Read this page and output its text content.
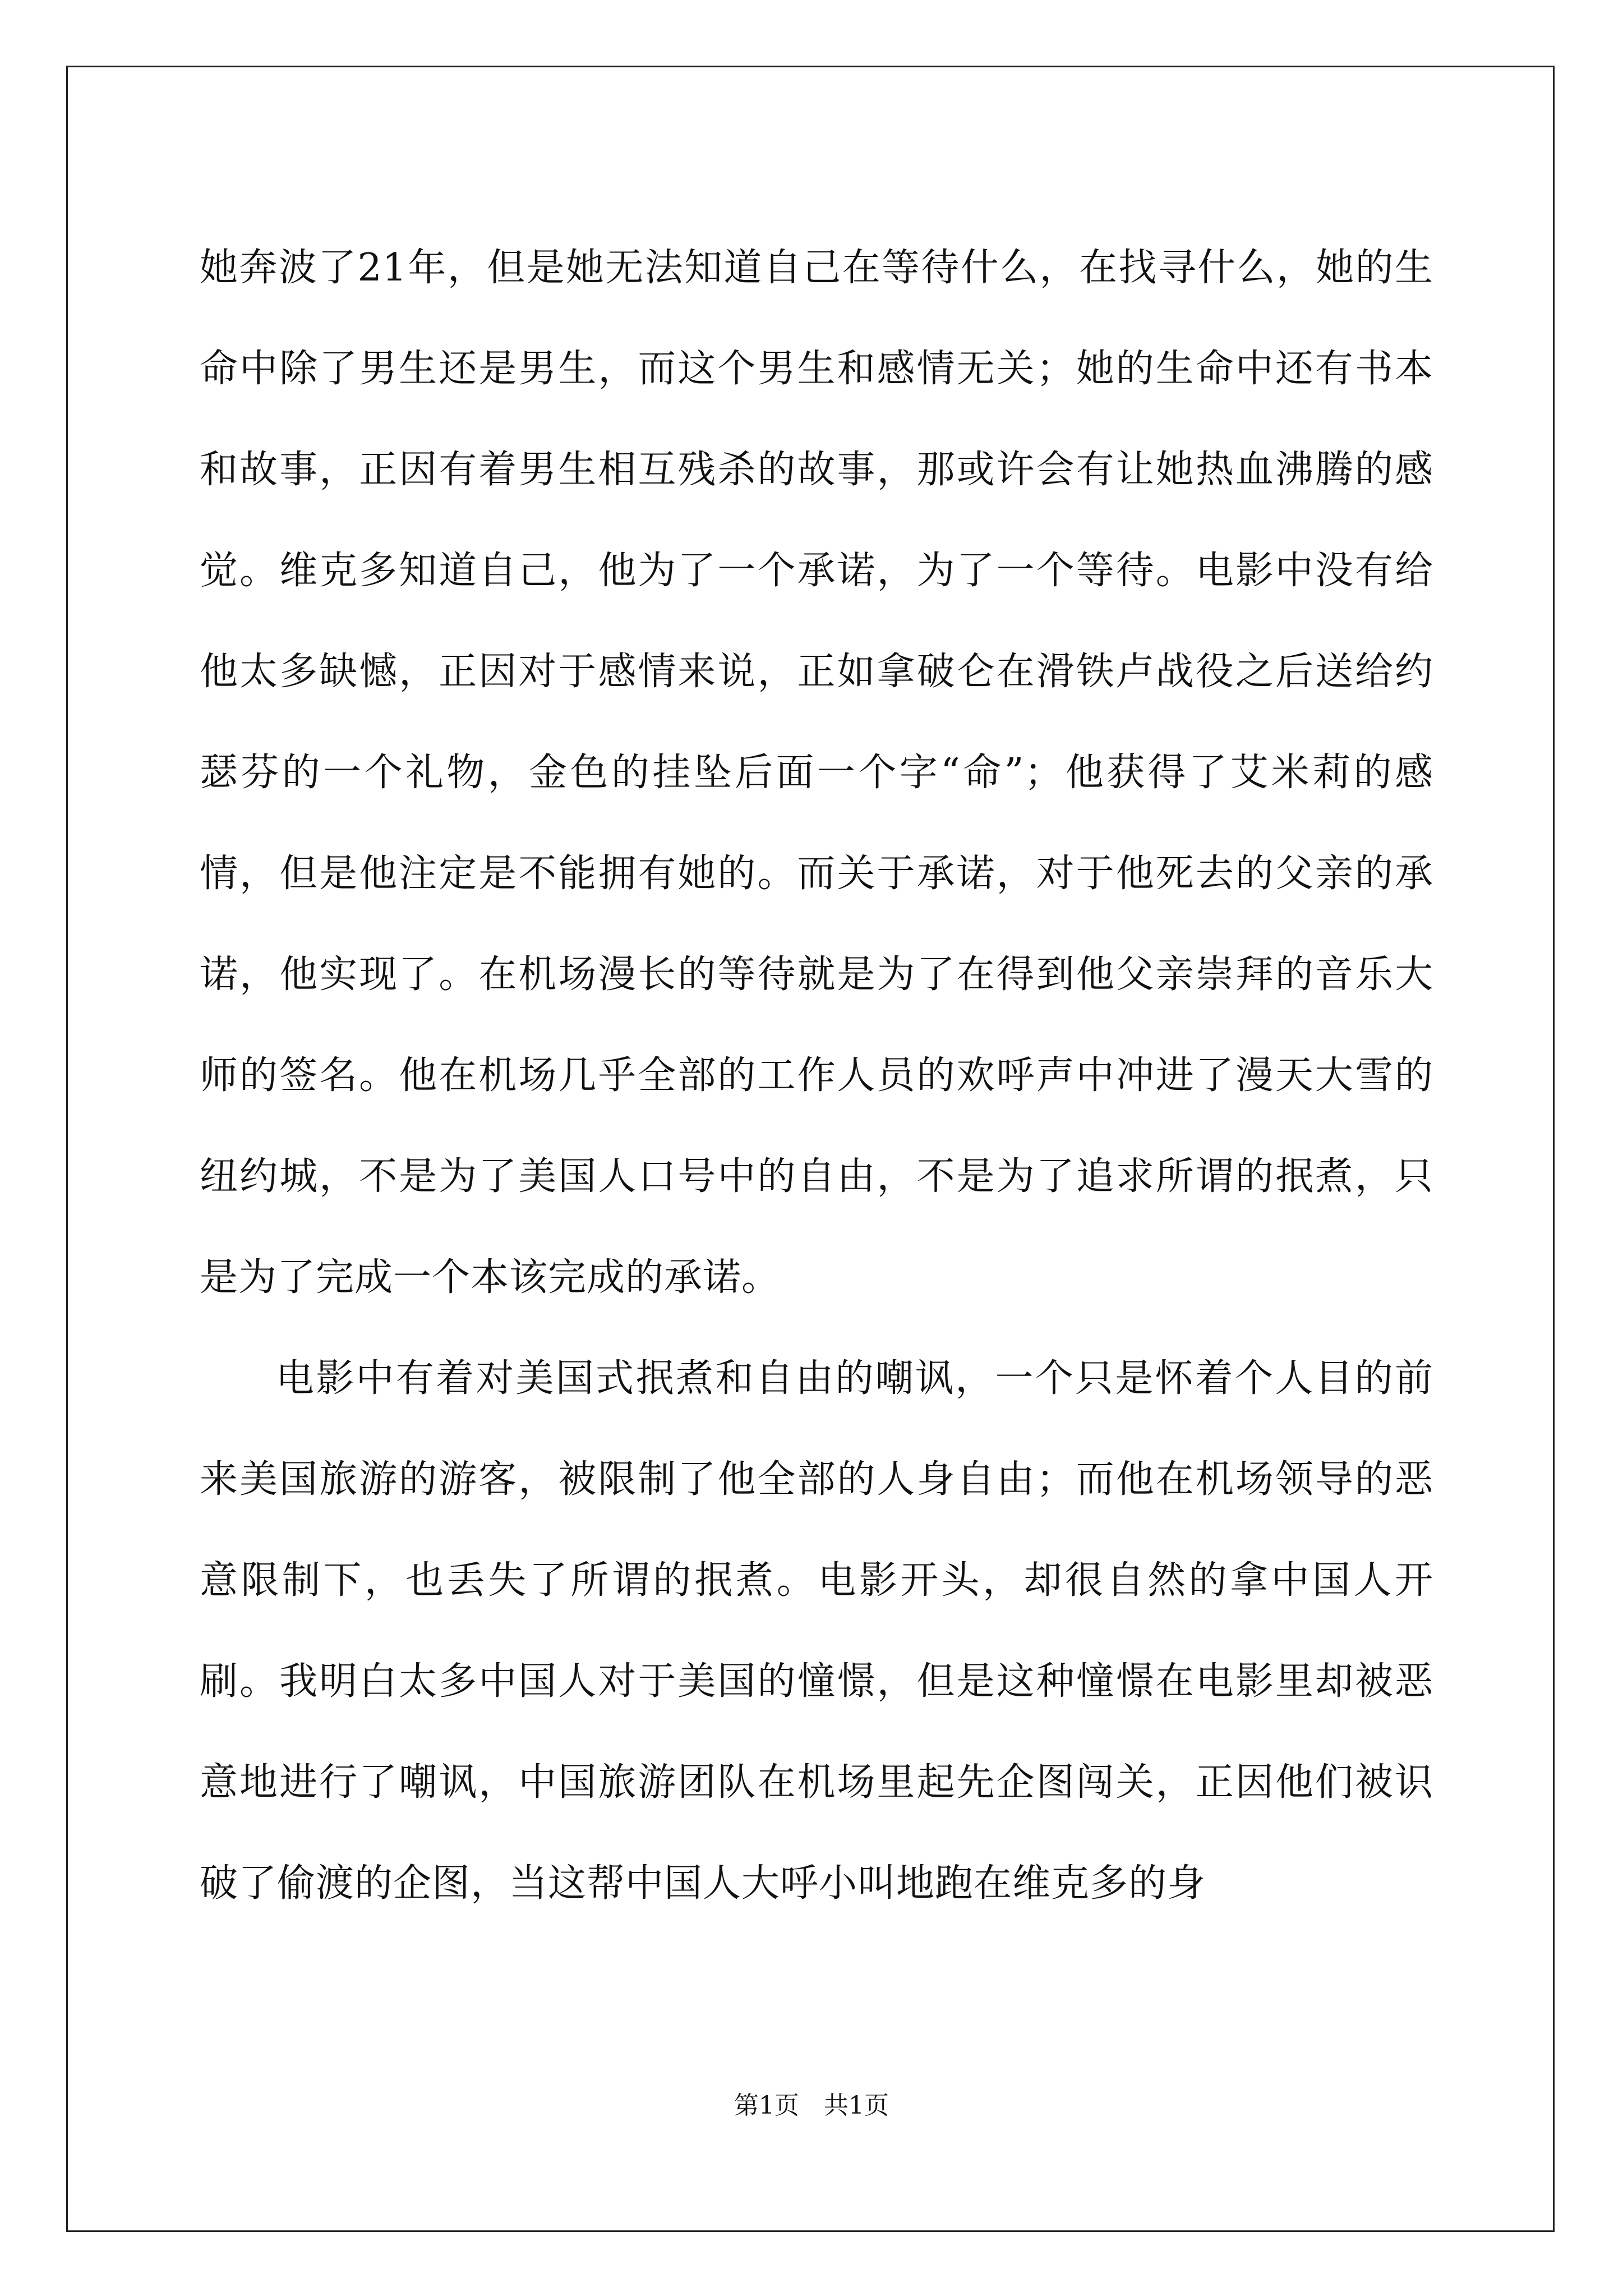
她奔波了21年，但是她无法知道自己在等待什么，在找寻什么，她的生命中除了男生还是男生，而这个男生和感情无关；她的生命中还有书本和故事，正因有着男生相互残杀的故事，那或许会有让她热血沸腾的感觉。维克多知道自己，他为了一个承诺，为了一个等待。电影中没有给他太多缺憾，正因对于感情来说，正如拿破仑在滑铁卢战役之后送给约瑟芬的一个礼物，金色的挂坠后面一个字“命”；他获得了艾米莉的感情，但是他注定是不能拥有她的。而关于承诺，对于他死去的父亲的承诺，他实现了。在机场漫长的等待就是为了在得到他父亲崇拜的音乐大师的签名。他在机场几乎全部的工作人员的欢呼声中冲进了漫天大雪的纽约城，不是为了美国人口号中的自由，不是为了追求所谓的抿煮，只是为了完成一个本该完成的承诺。

电影中有着对美国式抿煮和自由的嘲讽，一个只是怀着个人目的前来美国旅游的游客，被限制了他全部的人身自由；而他在机场领导的恶意限制下，也丢失了所谓的抿煮。电影开头，却很自然的拿中国人开刷。我明白太多中国人对于美国的憧憬，但是这种憧憬在电影里却被恶意地进行了嘲讽，中国旅游团队在机场里起先企图闯关，正因他们被识破了偷渡的企图，当这帮中国人大呼小叫地跑在维克多的身

第1页　共1页
